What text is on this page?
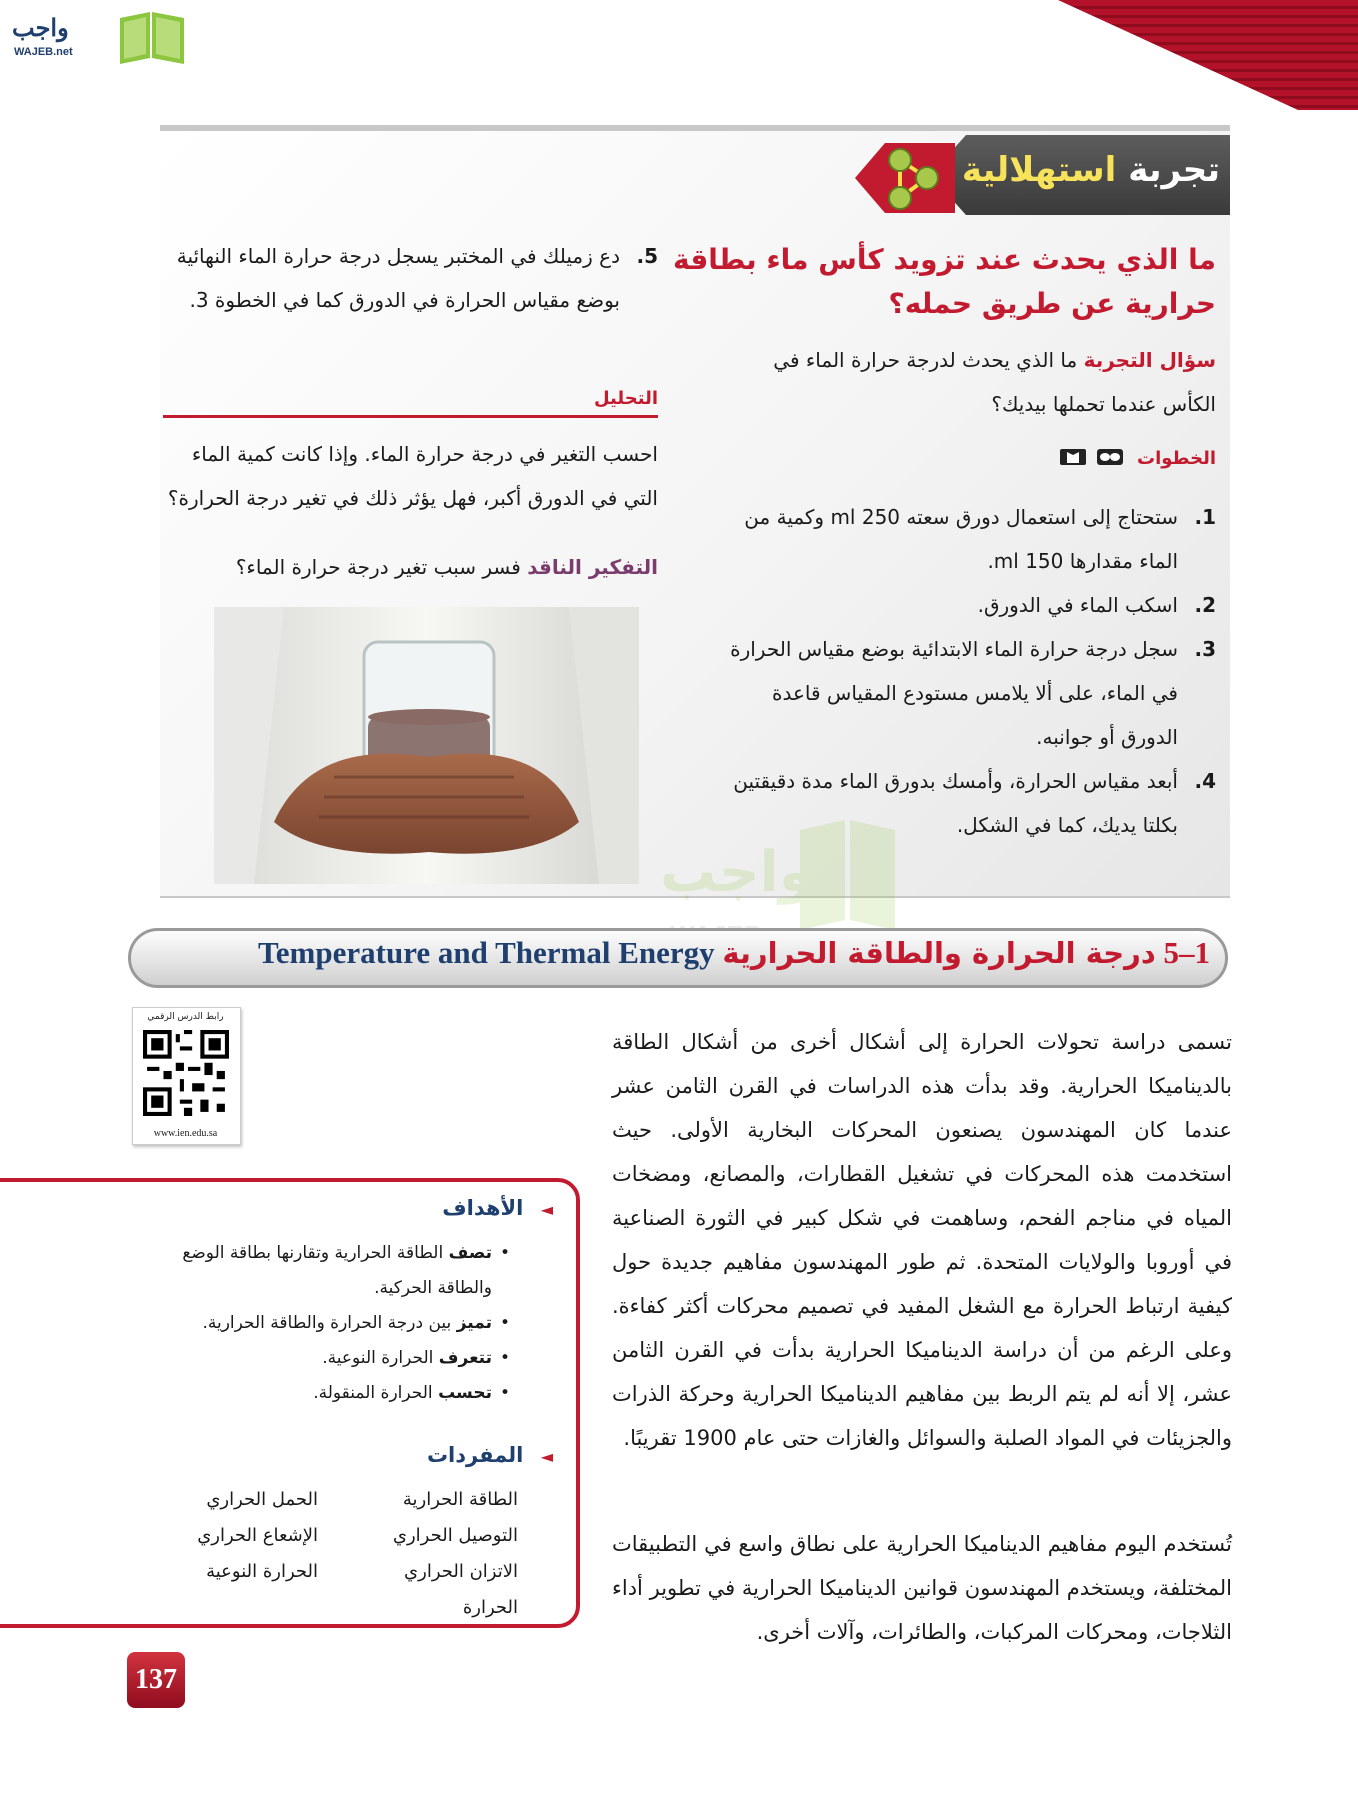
واجب
WAJEB.net
تجربة استهلالية
ما الذي يحدث عند تزويد كأس ماء بطاقة حرارية عن طريق حمله؟
سؤال التجربة ما الذي يحدث لدرجة حرارة الماء في الكأس عندما تحملها بيديك؟
الخطوات
1.
ستحتاج إلى استعمال دورق سعته 250 ml وكمية من الماء مقدارها 150 ml.
2.
اسكب الماء في الدورق.
3.
سجل درجة حرارة الماء الابتدائية بوضع مقياس الحرارة في الماء، على ألا يلامس مستودع المقياس قاعدة الدورق أو جوانبه.
4.
أبعد مقياس الحرارة، وأمسك بدورق الماء مدة دقيقتين بكلتا يديك، كما في الشكل.
5.
دع زميلك في المختبر يسجل درجة حرارة الماء النهائية بوضع مقياس الحرارة في الدورق كما في الخطوة 3.
التحليل
احسب التغير في درجة حرارة الماء. وإذا كانت كمية الماء التي في الدورق أكبر، فهل يؤثر ذلك في تغير درجة الحرارة؟
التفكير الناقد فسر سبب تغير درجة حرارة الماء؟
واجب
1–5 درجة الحرارة والطاقة الحرارية Temperature and Thermal Energy
رابط الدرس الرقمي
www.ien.edu.sa
تسمى دراسة تحولات الحرارة إلى أشكال أخرى من أشكال الطاقة بالديناميكا الحرارية. وقد بدأت هذه الدراسات في القرن الثامن عشر عندما كان المهندسون يصنعون المحركات البخارية الأولى. حيث استخدمت هذه المحركات في تشغيل القطارات، والمصانع، ومضخات المياه في مناجم الفحم، وساهمت في شكل كبير في الثورة الصناعية في أوروبا والولايات المتحدة. ثم طور المهندسون مفاهيم جديدة حول كيفية ارتباط الحرارة مع الشغل المفيد في تصميم محركات أكثر كفاءة. وعلى الرغم من أن دراسة الديناميكا الحرارية بدأت في القرن الثامن عشر، إلا أنه لم يتم الربط بين مفاهيم الديناميكا الحرارية وحركة الذرات والجزيئات في المواد الصلبة والسوائل والغازات حتى عام 1900 تقريبًا.
تُستخدم اليوم مفاهيم الديناميكا الحرارية على نطاق واسع في التطبيقات المختلفة، ويستخدم المهندسون قوانين الديناميكا الحرارية في تطوير أداء الثلاجات، ومحركات المركبات، والطائرات، وآلات أخرى.
◄ الأهداف
• تصف الطاقة الحرارية وتقارنها بطاقة الوضع والطاقة الحركية.
• تميز بين درجة الحرارة والطاقة الحرارية.
• تتعرف الحرارة النوعية.
• تحسب الحرارة المنقولة.
◄ المفردات
الطاقة الحرارية
التوصيل الحراري
الاتزان الحراري
الحرارة
الحمل الحراري
الإشعاع الحراري
الحرارة النوعية
137
